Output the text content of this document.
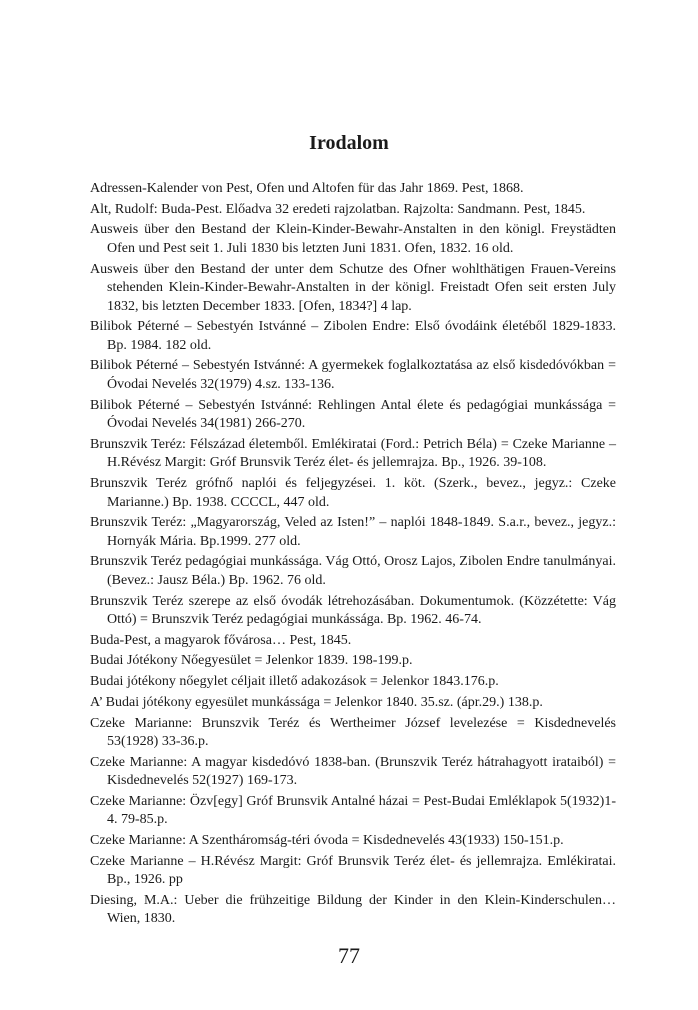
Irodalom
Adressen-Kalender von Pest, Ofen und Altofen für das Jahr 1869. Pest, 1868.
Alt, Rudolf: Buda-Pest. Előadva 32 eredeti rajzolatban. Rajzolta: Sandmann. Pest, 1845.
Ausweis über den Bestand der Klein-Kinder-Bewahr-Anstalten in den königl. Freystädten Ofen und Pest seit 1. Juli 1830 bis letzten Juni 1831. Ofen, 1832. 16 old.
Ausweis über den Bestand der unter dem Schutze des Ofner wohlthätigen Frauen-Vereins stehenden Klein-Kinder-Bewahr-Anstalten in der königl. Freistadt Ofen seit ersten July 1832, bis letzten December 1833. [Ofen, 1834?] 4 lap.
Bilibok Péterné – Sebestyén Istvánné – Zibolen Endre: Első óvodáink életéből 1829-1833. Bp. 1984. 182 old.
Bilibok Péterné – Sebestyén Istvánné: A gyermekek foglalkoztatása az első kisdedóvókban = Óvodai Nevelés 32(1979) 4.sz. 133-136.
Bilibok Péterné – Sebestyén Istvánné: Rehlingen Antal élete és pedagógiai munkássága = Óvodai Nevelés 34(1981) 266-270.
Brunszvik Teréz: Félszázad életemből. Emlékiratai (Ford.: Petrich Béla) = Czeke Marianne – H.Révész Margit: Gróf Brunsvik Teréz élet- és jellemrajza. Bp., 1926. 39-108.
Brunszvik Teréz grófnő naplói és feljegyzései. 1. köt. (Szerk., bevez., jegyz.: Czeke Marianne.) Bp. 1938. CCCCL, 447 old.
Brunszvik Teréz: „Magyarország, Veled az Isten!” – naplói 1848-1849. S.a.r., bevez., jegyz.: Hornyák Mária. Bp.1999. 277 old.
Brunszvik Teréz pedagógiai munkássága. Vág Ottó, Orosz Lajos, Zibolen Endre tanulmányai. (Bevez.: Jausz Béla.) Bp. 1962. 76 old.
Brunszvik Teréz szerepe az első óvodák létrehozásában. Dokumentumok. (Közzétette: Vág Ottó) = Brunszvik Teréz pedagógiai munkássága. Bp. 1962. 46-74.
Buda-Pest, a magyarok fővárosa… Pest, 1845.
Budai Jótékony Nőegyesület = Jelenkor 1839. 198-199.p.
Budai jótékony nőegylet céljait illető adakozások = Jelenkor 1843.176.p.
A’ Budai jótékony egyesület munkássága = Jelenkor 1840. 35.sz. (ápr.29.) 138.p.
Czeke Marianne: Brunszvik Teréz és Wertheimer József levelezése = Kisdednevelés 53(1928) 33-36.p.
Czeke Marianne: A magyar kisdedóvó 1838-ban. (Brunszvik Teréz hátrahagyott irataiból) = Kisdednevelés 52(1927) 169-173.
Czeke Marianne: Özv[egy] Gróf Brunsvik Antalné házai = Pest-Budai Emléklapok 5(1932)1-4. 79-85.p.
Czeke Marianne: A Szentháromság-téri óvoda = Kisdednevelés 43(1933) 150-151.p.
Czeke Marianne – H.Révész Margit: Gróf Brunsvik Teréz élet- és jellemrajza. Emlékiratai. Bp., 1926. pp
Diesing, M.A.: Ueber die frühzeitige Bildung der Kinder in den Klein-Kinderschulen… Wien, 1830.
77
